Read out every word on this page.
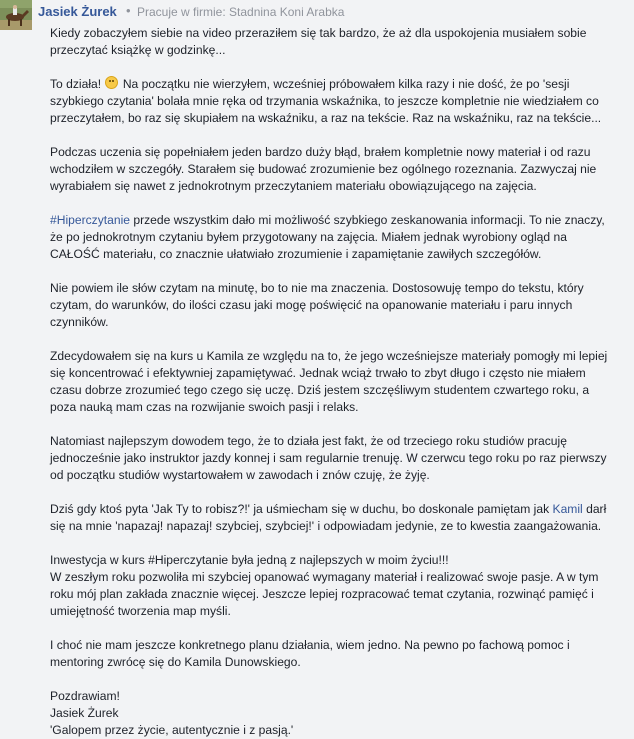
Jasiek Żurek • Pracuje w firmie: Stadnina Koni Arabka

Kiedy zobaczyłem siebie na video przeraziłem się tak bardzo, że aż dla uspokojenia musiałem sobie
przeczytać książkę w godzinkę...

To działa!  Na początku nie wierzyłem, wcześniej próbowałem kilka razy i nie dość, że po 'sesji
szybkiego czytania' bolała mnie ręka od trzymania wskaźnika, to jeszcze kompletnie nie wiedziałem co
przeczytałem, bo raz się skupiałem na wskaźniku, a raz na tekście. Raz na wskaźniku, raz na tekście...

Podczas uczenia się popełniałem jeden bardzo duży błąd, brałem kompletnie nowy materiał i od razu
wchodziłem w szczegóły. Starałem się budować zrozumienie bez ogólnego rozeznania. Zazwyczaj nie
wyrabiałem się nawet z jednokrotnym przeczytaniem materiału obowiązującego na zajęcia.

#Hiperczytanie przede wszystkim dało mi możliwość szybkiego zeskanowania informacji. To nie znaczy,
że po jednokrotnym czytaniu byłem przygotowany na zajęcia. Miałem jednak wyrobiony ogląd na
CAŁOŚĆ materiału, co znacznie ułatwiało zrozumienie i zapamiętanie zawiłych szczegółów.

Nie powiem ile słów czytam na minutę, bo to nie ma znaczenia. Dostosowuję tempo do tekstu, który
czytam, do warunków, do ilości czasu jaki mogę poświęcić na opanowanie materiału i paru innych
czynników.

Zdecydowałem się na kurs u Kamila ze względu na to, że jego wcześniejsze materiały pomogły mi lepiej
się koncentrować i efektywniej zapamiętywać. Jednak wciąż trwało to zbyt długo i często nie miałem
czasu dobrze zrozumieć tego czego się uczę. Dziś jestem szczęśliwym studentem czwartego roku, a
poza nauką mam czas na rozwijanie swoich pasji i relaks.

Natomiast najlepszym dowodem tego, że to działa jest fakt, że od trzeciego roku studiów pracuję
jednocześnie jako instruktor jazdy konnej i sam regularnie trenuję. W czerwcu tego roku po raz pierwszy
od początku studiów wystartowałem w zawodach i znów czuję, że żyję.

Dziś gdy ktoś pyta 'Jak Ty to robisz?!' ja uśmiecham się w duchu, bo doskonale pamiętam jak Kamil darł
się na mnie 'napazaj! napazaj! szybciej, szybciej!' i odpowiadam jedynie, ze to kwestia zaangażowania.

Inwestycja w kurs #Hiperczytanie była jedną z najlepszych w moim życiu!!!
W zeszłym roku pozwoliła mi szybciej opanować wymagany materiał i realizować swoje pasje. A w tym
roku mój plan zakłada znacznie więcej. Jeszcze lepiej rozpracować temat czytania, rozwinąć pamięć i
umiejętność tworzenia map myśli.

I choć nie mam jeszcze konkretnego planu działania, wiem jedno. Na pewno po fachową pomoc i
mentoring zwrócę się do Kamila Dunowskiego.

Pozdrawiam!
Jasiek Żurek
'Galopem przez życie, autentycznie i z pasją.'
